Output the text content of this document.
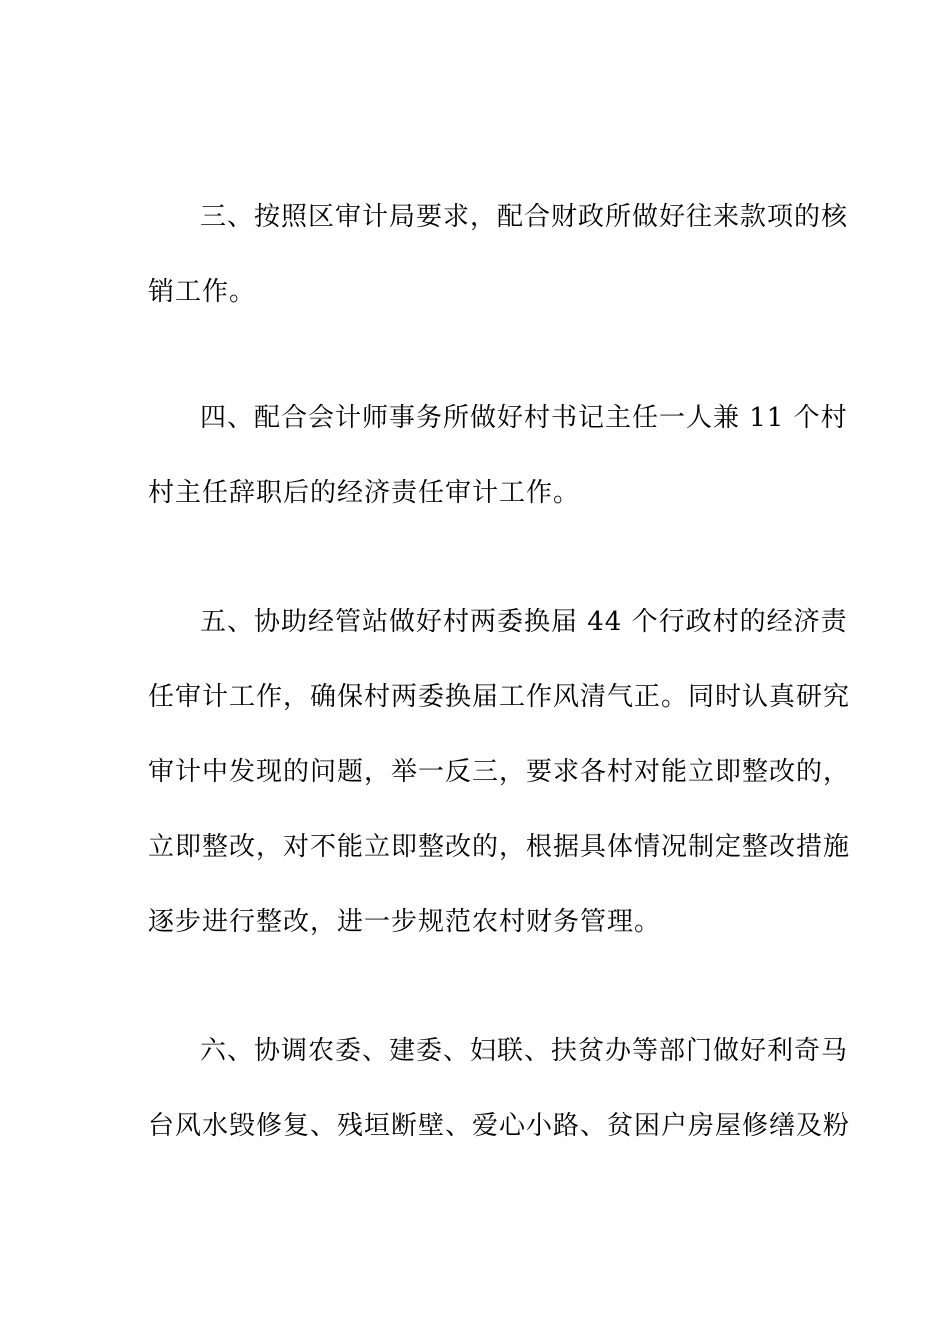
三、按照区审计局要求，配合财政所做好往来款项的核
销工作。
四、配合会计师事务所做好村书记主任一人兼 11 个村
村主任辞职后的经济责任审计工作。
五、协助经管站做好村两委换届 44 个行政村的经济责
任审计工作，确保村两委换届工作风清气正。同时认真研究
审计中发现的问题，举一反三，要求各村对能立即整改的，
立即整改，对不能立即整改的，根据具体情况制定整改措施
逐步进行整改，进一步规范农村财务管理。
六、协调农委、建委、妇联、扶贫办等部门做好利奇马
台风水毁修复、残垣断壁、爱心小路、贫困户房屋修缮及粉
